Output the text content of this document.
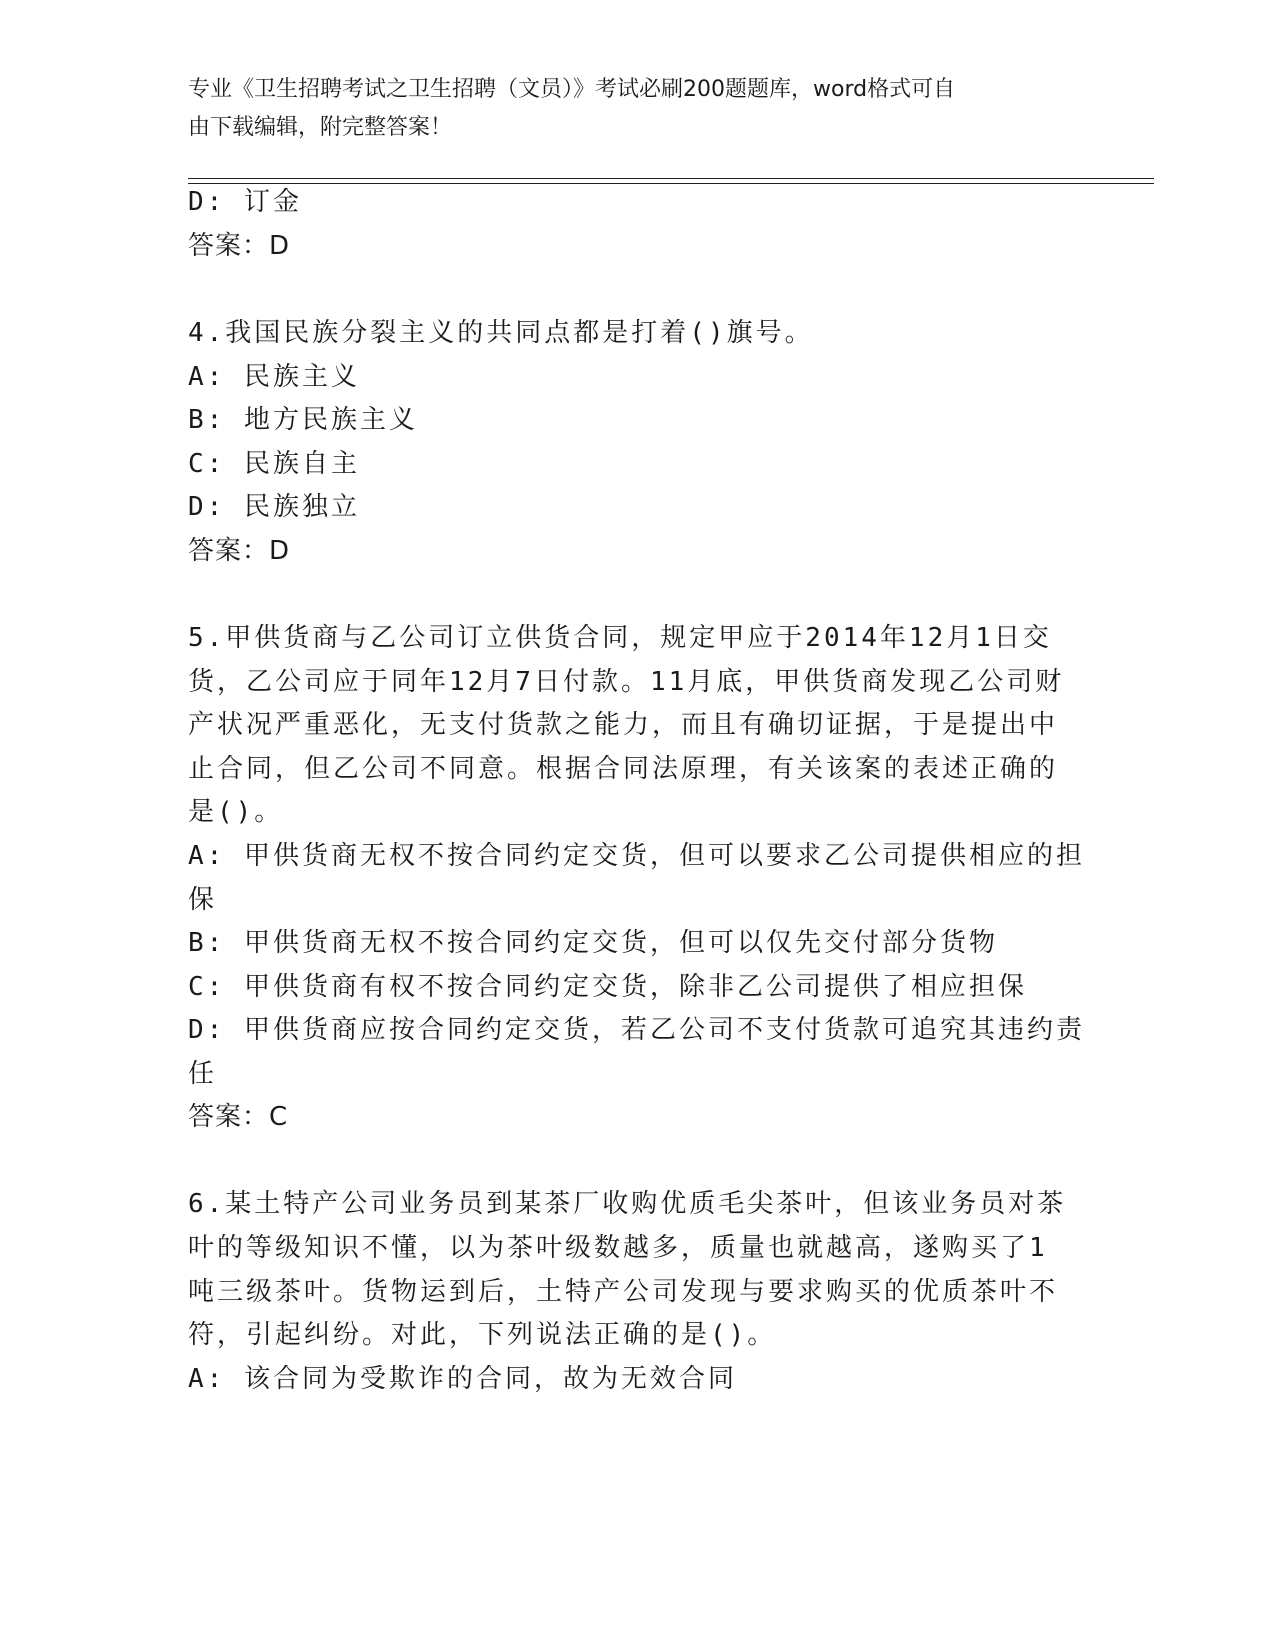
专业《卫生招聘考试之卫生招聘（文员）》考试必刷200题题库，word格式可自
由下载编辑，附完整答案！
D: 订金
答案：D
4.我国民族分裂主义的共同点都是打着()旗号。
A: 民族主义
B: 地方民族主义
C: 民族自主
D: 民族独立
答案：D
5.甲供货商与乙公司订立供货合同，规定甲应于2014年12月1日交
货，乙公司应于同年12月7日付款。11月底，甲供货商发现乙公司财
产状况严重恶化，无支付货款之能力，而且有确切证据，于是提出中
止合同，但乙公司不同意。根据合同法原理，有关该案的表述正确的
是()。
A: 甲供货商无权不按合同约定交货，但可以要求乙公司提供相应的担
保
B: 甲供货商无权不按合同约定交货，但可以仅先交付部分货物
C: 甲供货商有权不按合同约定交货，除非乙公司提供了相应担保
D: 甲供货商应按合同约定交货，若乙公司不支付货款可追究其违约责
任
答案：C
6.某土特产公司业务员到某茶厂收购优质毛尖茶叶，但该业务员对茶
叶的等级知识不懂，以为茶叶级数越多，质量也就越高，遂购买了1
吨三级茶叶。货物运到后，土特产公司发现与要求购买的优质茶叶不
符，引起纠纷。对此，下列说法正确的是()。
A: 该合同为受欺诈的合同，故为无效合同
